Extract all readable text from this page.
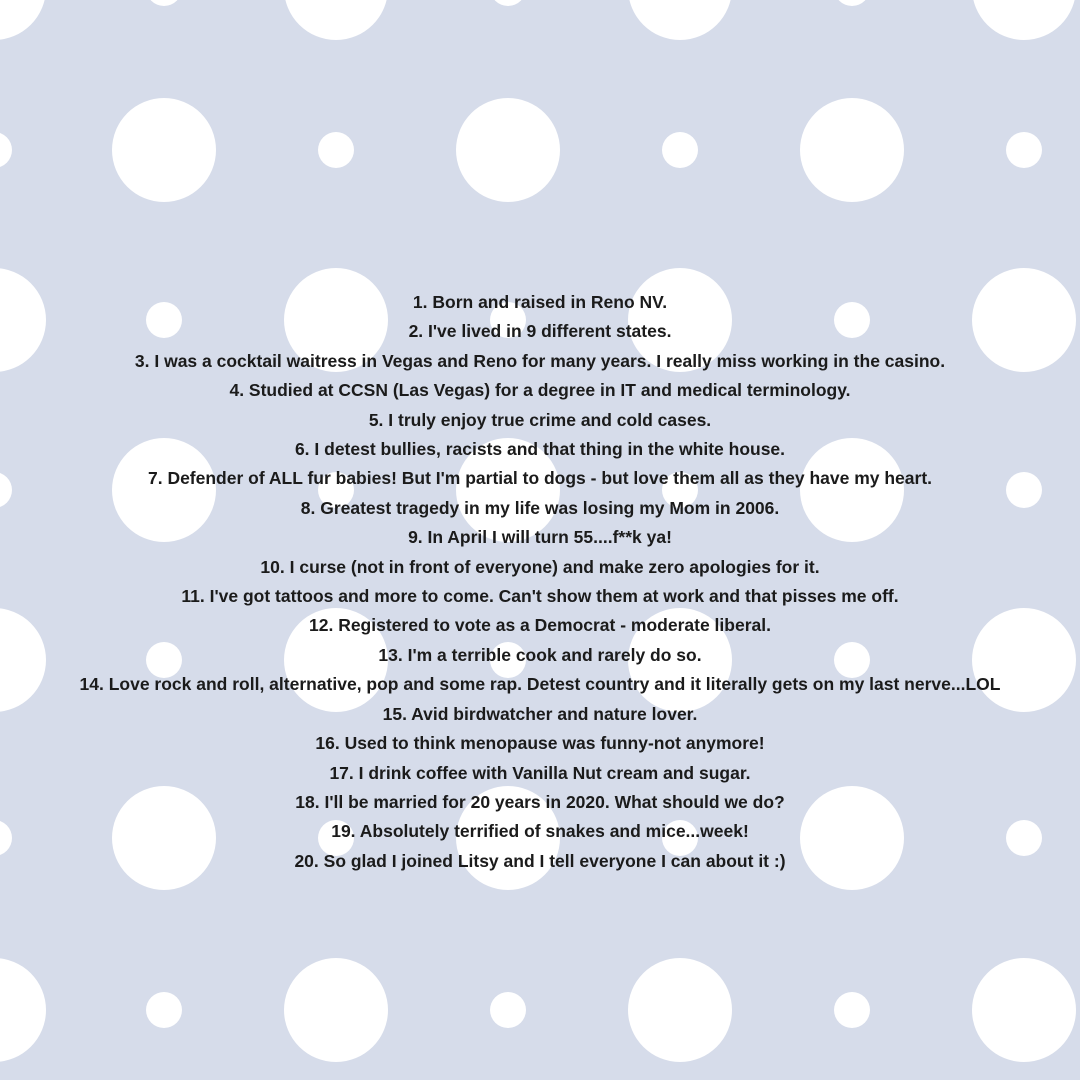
1. Born and raised in Reno NV.
2. I've lived in 9 different states.
3. I was a cocktail waitress in Vegas and Reno for many years. I really miss working in the casino.
4. Studied at CCSN (Las Vegas) for a degree in IT and medical terminology.
5. I truly enjoy true crime and cold cases.
6. I detest bullies, racists and that thing in the white house.
7. Defender of ALL fur babies! But I'm partial to dogs - but love them all as they have my heart.
8. Greatest tragedy in my life was losing my Mom in 2006.
9. In April I will turn 55....f**k ya!
10. I curse (not in front of everyone) and make zero apologies for it.
11. I've got tattoos and more to come. Can't show them at work and that pisses me off.
12. Registered to vote as a Democrat - moderate liberal.
13. I'm a terrible cook and rarely do so.
14. Love rock and roll, alternative, pop and some rap. Detest country and it literally gets on my last nerve...LOL
15. Avid birdwatcher and nature lover.
16. Used to think menopause was funny-not anymore!
17. I drink coffee with Vanilla Nut cream and sugar.
18. I'll be married for 20 years in 2020. What should we do?
19. Absolutely terrified of snakes and mice...week!
20. So glad I joined Litsy and I tell everyone I can about it :)
